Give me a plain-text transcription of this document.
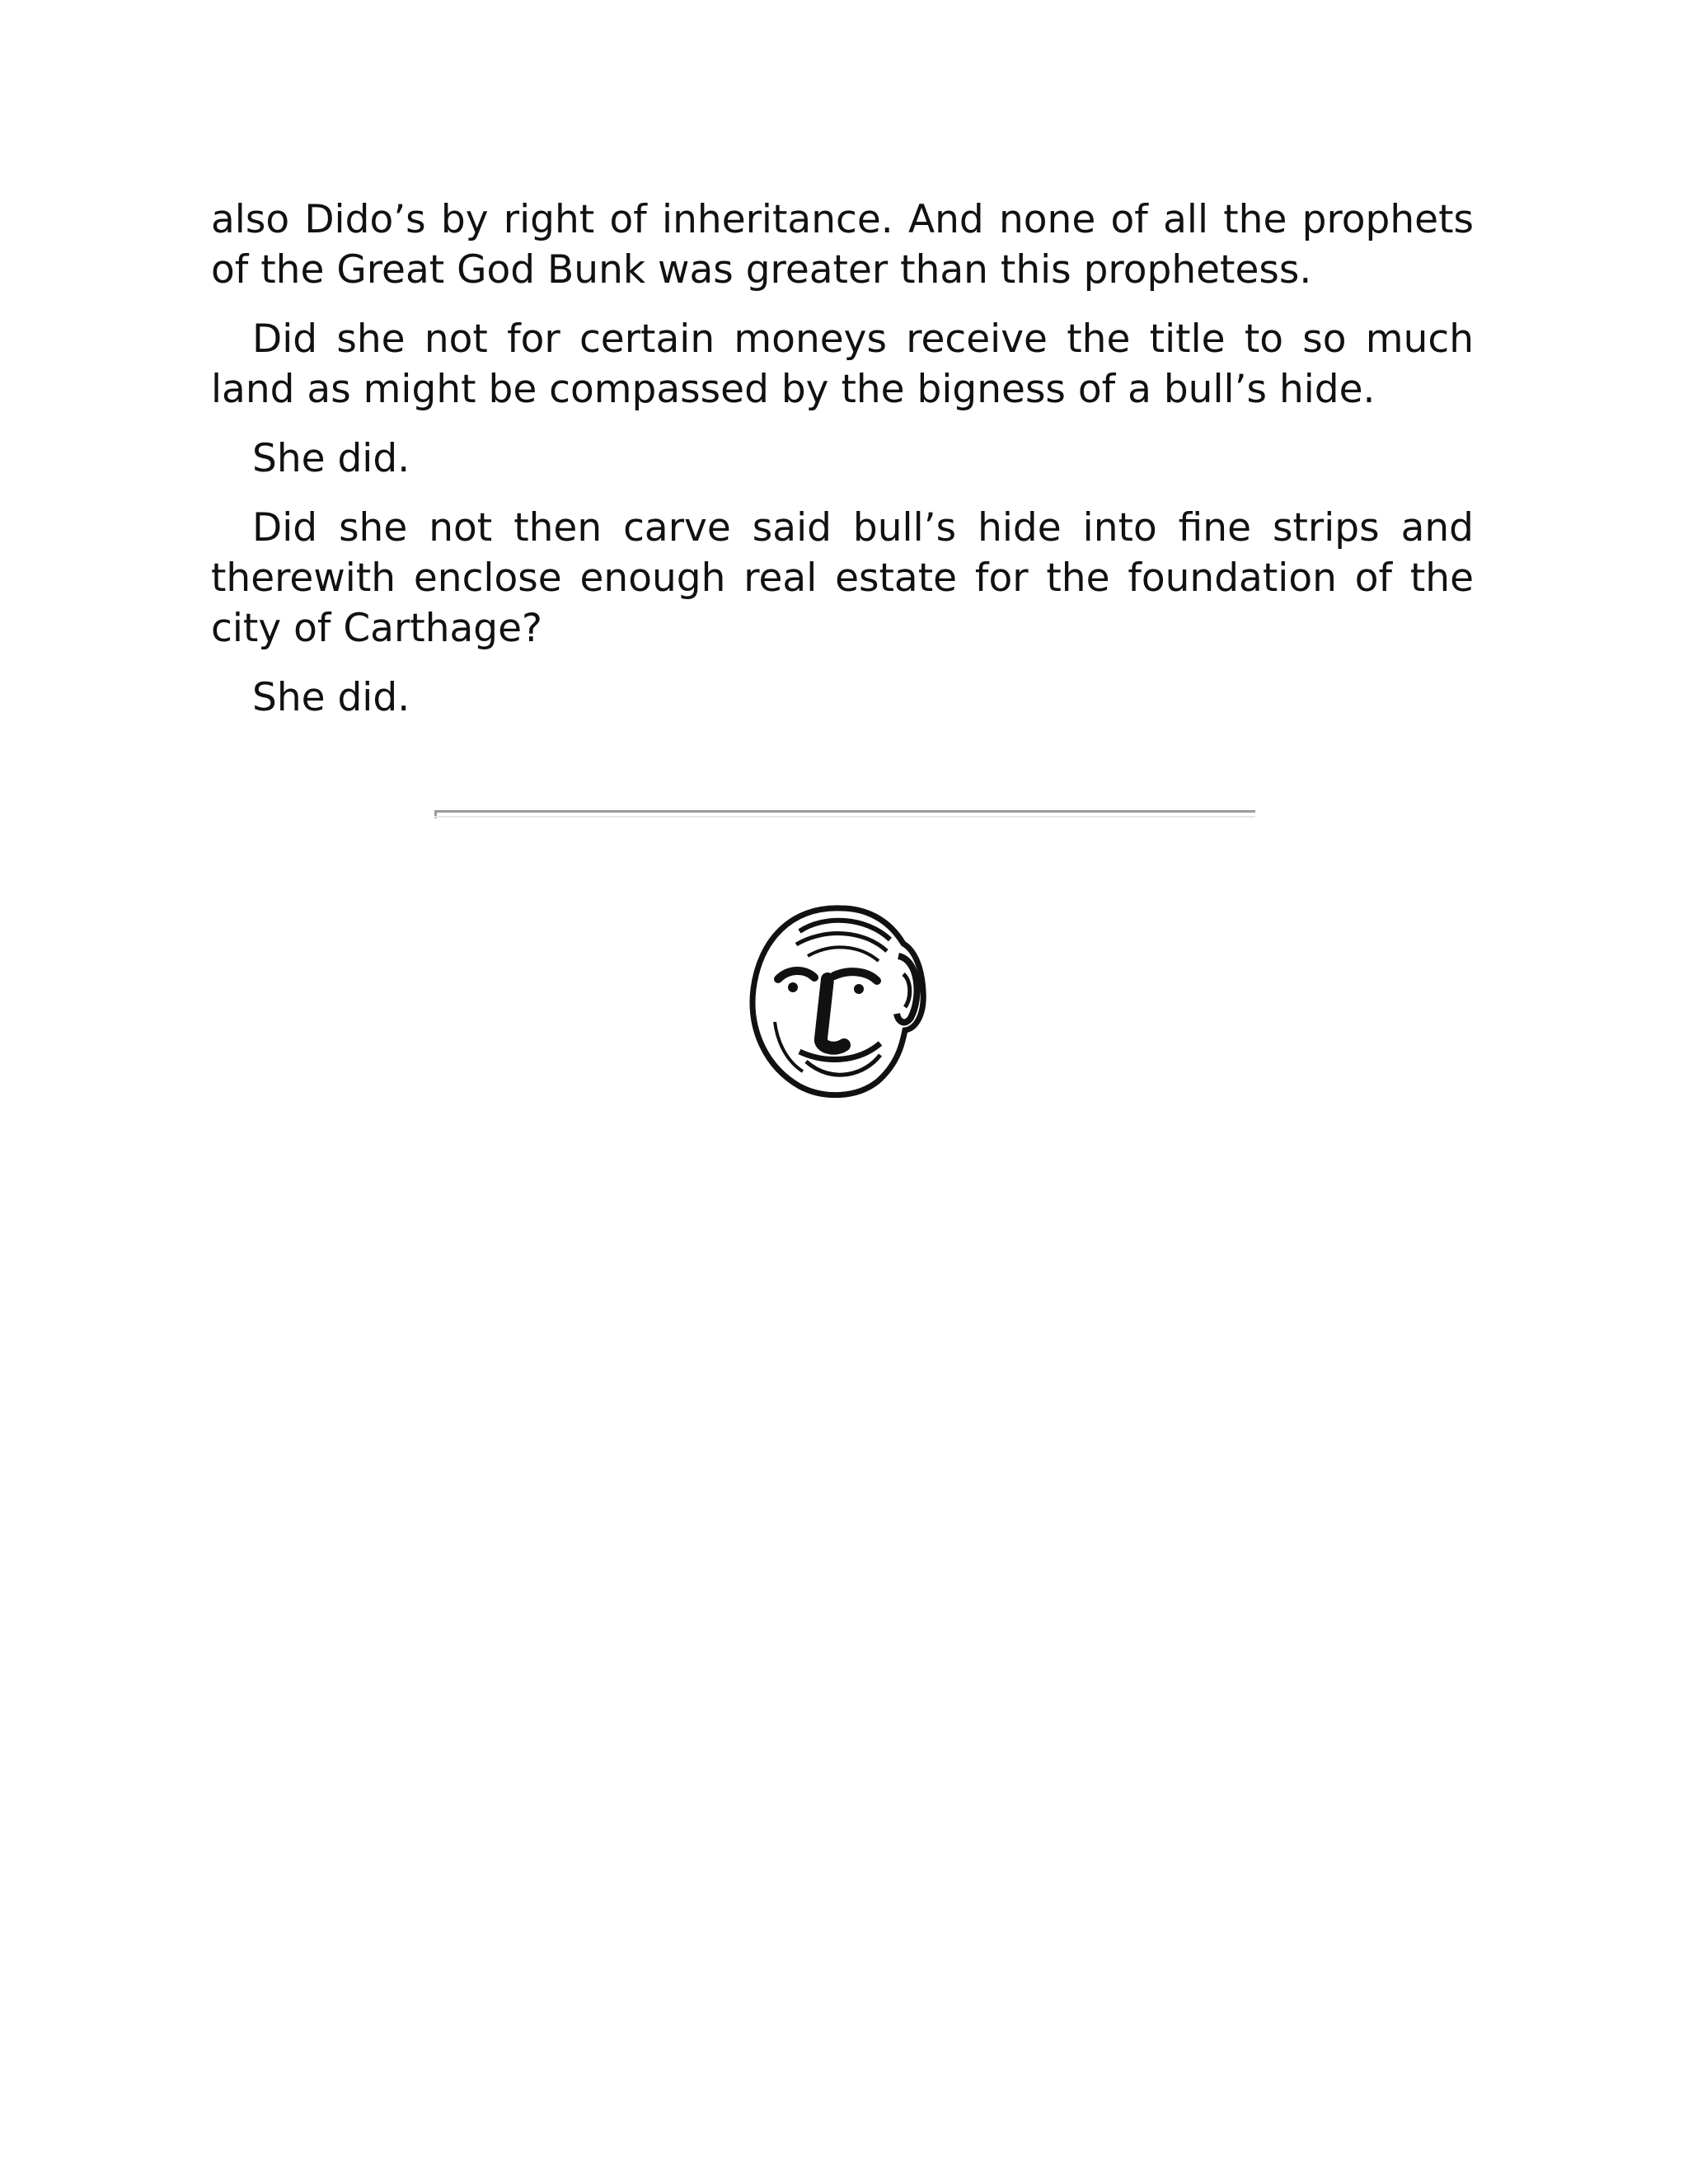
also Dido’s by right of inheritance. And none of all the prophets of the Great God Bunk was greater than this prophetess.

Did she not for certain moneys receive the title to so much land as might be compassed by the bigness of a bull’s hide.

She did.

Did she not then carve said bull’s hide into fine strips and therewith enclose enough real estate for the foundation of the city of Carthage?

She did.
